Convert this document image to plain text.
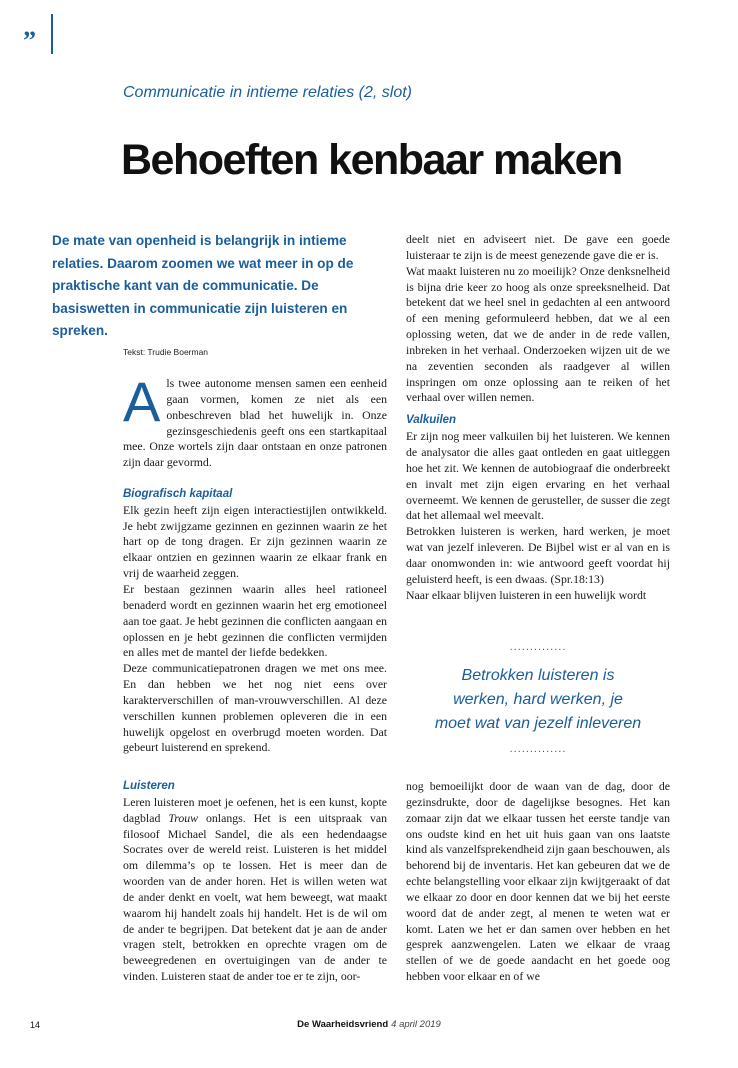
”
Communicatie in intieme relaties (2, slot)
Behoeften kenbaar maken
De mate van openheid is belangrijk in intieme relaties. Daarom zoomen we wat meer in op de praktische kant van de communicatie. De basiswetten in communicatie zijn luisteren en spreken.
Tekst: Trudie Boerman

Als twee autonome mensen samen een eenheid gaan vormen, komen ze niet als een onbeschreven blad het huwelijk in. Onze gezinsgeschiedenis geeft ons een startkapitaal mee. Onze wortels zijn daar ontstaan en onze patronen zijn daar gevormd.

Biografisch kapitaal

Elk gezin heeft zijn eigen interactiestijlen ontwikkeld. Je hebt zwijgzame gezinnen en gezinnen waarin ze het hart op de tong dragen. Er zijn gezinnen waarin ze elkaar ontzien en gezinnen waarin ze elkaar frank en vrij de waarheid zeggen.

Er bestaan gezinnen waarin alles heel rationeel benaderd wordt en gezinnen waarin het erg emotioneel aan toe gaat. Je hebt gezinnen die conflicten aangaan en oplossen en je hebt gezinnen die conflicten vermijden en alles met de mantel der liefde bedekken.

Deze communicatiepatronen dragen we met ons mee. En dan hebben we het nog niet eens over karakterverschillen of man-vrouwverschillen. Al deze verschillen kunnen problemen opleveren die in een huwelijk opgelost en overbrugd moeten worden. Dat gebeurt luisterend en sprekend.

Luisteren

Leren luisteren moet je oefenen, het is een kunst, kopte dagblad Trouw onlangs. Het is een uitspraak van filosoof Michael Sandel, die als een hedendaagse Socrates over de wereld reist. Luisteren is het middel om dilemma’s op te lossen. Het is meer dan de woorden van de ander horen. Het is willen weten wat de ander denkt en voelt, wat hem beweegt, wat maakt waarom hij handelt zoals hij handelt. Het is de wil om de ander te begrijpen. Dat betekent dat je aan de ander vragen stelt, betrokken en oprechte vragen om de beweegredenen en overtuigingen van de ander te vinden. Luisteren staat de ander toe er te zijn, oor-

deelt niet en adviseert niet. De gave een goede luisteraar te zijn is de meest genezende gave die er is.

Wat maakt luisteren nu zo moeilijk? Onze denksnelheid is bijna drie keer zo hoog als onze spreeksnelheid. Dat betekent dat we heel snel in gedachten al een antwoord of een mening geformuleerd hebben, dat we al een oplossing weten, dat we de ander in de rede vallen, inbreken in het verhaal. Onderzoeken wijzen uit de we na zeventien seconden als raadgever al willen inspringen om onze oplossing aan te reiken of het verhaal over willen nemen.

Valkuilen

Er zijn nog meer valkuilen bij het luisteren. We kennen de analysator die alles gaat ontleden en gaat uitleggen hoe het zit. We kennen de autobiograaf die onderbreekt en invalt met zijn eigen ervaring en het verhaal overneemt. We kennen de gerusteller, de susser die zegt dat het allemaal wel meevalt.

Betrokken luisteren is werken, hard werken, je moet wat van jezelf inleveren. De Bijbel wist er al van en is daar onomwonden in: wie antwoord geeft voordat hij geluisterd heeft, is een dwaas. (Spr.18:13)

Naar elkaar blijven luisteren in een huwelijk wordt

..............
Betrokken luisteren is
werken, hard werken, je
moet wat van jezelf inleveren
..............

nog bemoeilijkt door de waan van de dag, door de gezinsdrukte, door de dagelijkse besognes. Het kan zomaar zijn dat we elkaar tussen het eerste tandje van ons oudste kind en het uit huis gaan van ons laatste kind als vanzelfsprekendheid zijn gaan beschouwen, als behorend bij de inventaris. Het kan gebeuren dat we de echte belangstelling voor elkaar zijn kwijtgeraakt of dat we elkaar zo door en door kennen dat we bij het eerste woord dat de ander zegt, al menen te weten wat er komt. Laten we het er dan samen over hebben en het gesprek aanzwengelen. Laten we elkaar de vraag stellen of we de goede aandacht en het goede oog hebben voor elkaar en of we

14	De Waarheidsvriend 4 april 2019
